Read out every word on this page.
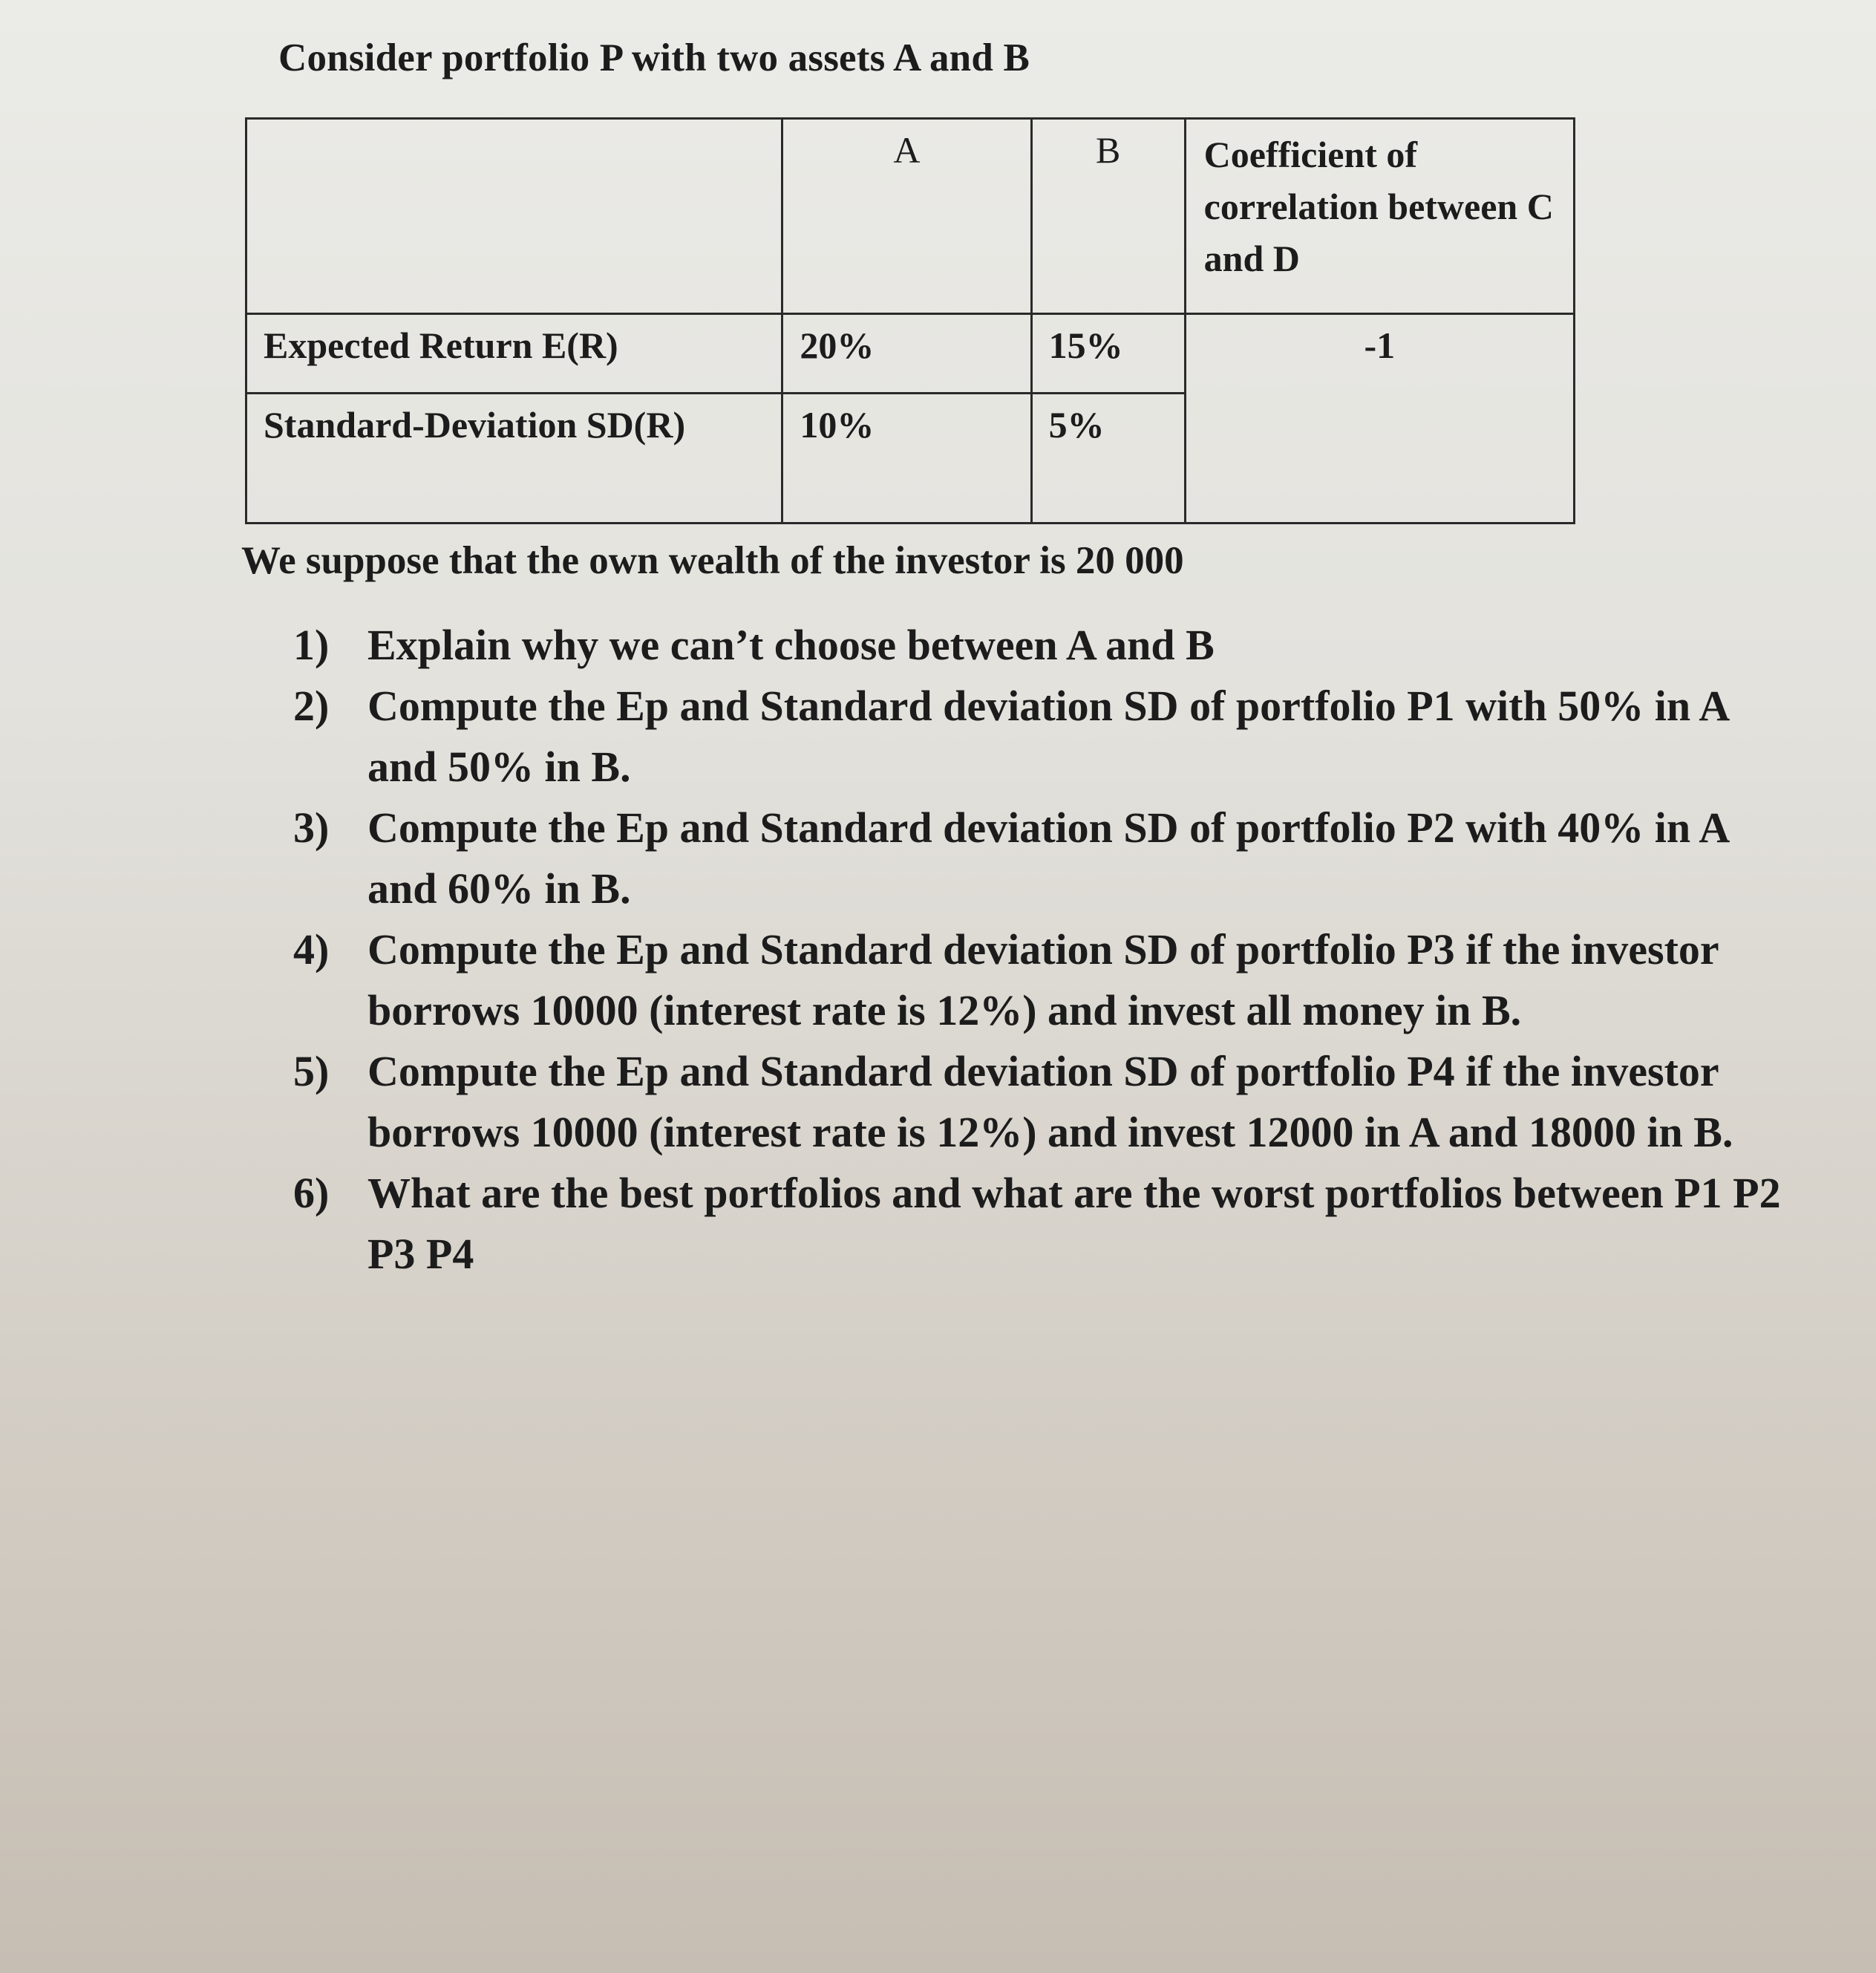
Consider portfolio P with two assets A and B
	A	B	Coefficient of correlation between C and D
Expected Return E(R)	20%	15%	-1
Standard-Deviation SD(R)	10%	5%	
We suppose that the own wealth of the investor is 20 000
1) Explain why we can’t choose between A and B
2) Compute the Ep and Standard deviation SD of portfolio P1 with 50% in A and 50% in B.
3) Compute the Ep and Standard deviation SD of portfolio P2 with 40% in A and 60% in B.
4) Compute the Ep and Standard deviation SD of portfolio P3 if the investor borrows 10000 (interest rate is 12%) and invest all money in B.
5) Compute the Ep and Standard deviation SD of portfolio P4 if the investor borrows 10000 (interest rate is 12%) and invest 12000 in A and 18000 in B.
6) What are the best portfolios and what are the worst portfolios between P1 P2 P3 P4
